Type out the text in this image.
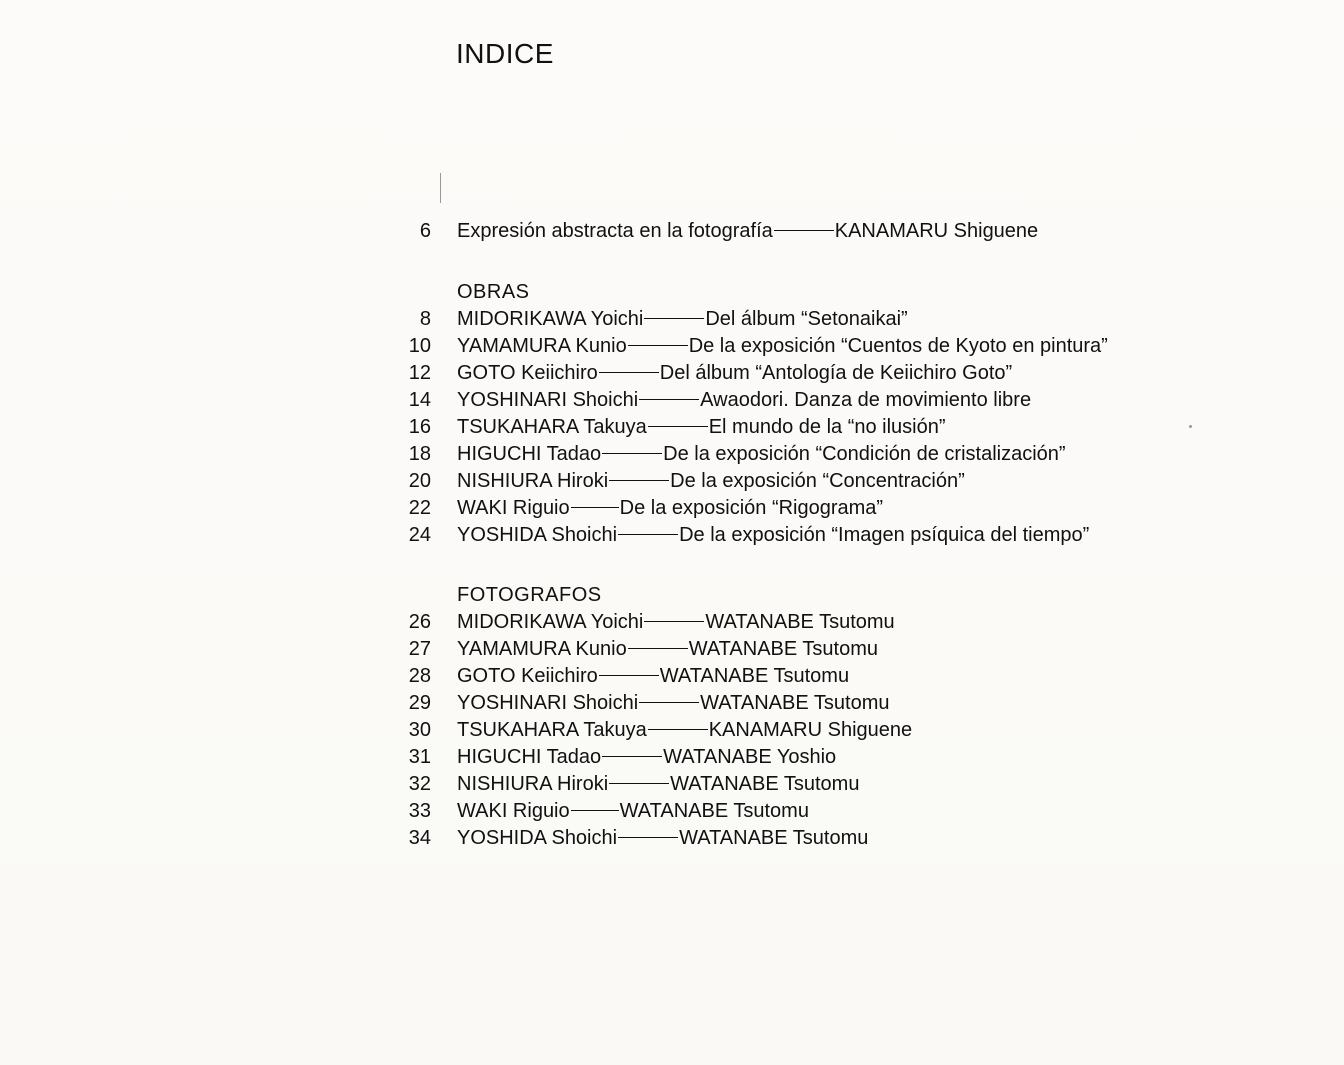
INDICE
6 Expresión abstracta en la fotografía	KANAMARU Shiguene
OBRAS
8 MIDORIKAWA Yoichi	Del álbum “Setonaikai”
10 YAMAMURA Kunio	De la exposición “Cuentos de Kyoto en pintura”
12 GOTO Keiichiro	Del álbum “Antología de Keiichiro Goto”
14 YOSHINARI Shoichi	Awaodori. Danza de movimiento libre
16 TSUKAHARA Takuya	El mundo de la “no ilusión”
18 HIGUCHI Tadao	De la exposición “Condición de cristalización”
20 NISHIURA Hiroki	De la exposición “Concentración”
22 WAKI Riguio	De la exposición “Rigograma”
24 YOSHIDA Shoichi	De la exposición “Imagen psíquica del tiempo”
FOTOGRAFOS
26 MIDORIKAWA Yoichi	WATANABE Tsutomu
27 YAMAMURA Kunio	WATANABE Tsutomu
28 GOTO Keiichiro	WATANABE Tsutomu
29 YOSHINARI Shoichi	WATANABE Tsutomu
30 TSUKAHARA Takuya	KANAMARU Shiguene
31 HIGUCHI Tadao	WATANABE Yoshio
32 NISHIURA Hiroki	WATANABE Tsutomu
33 WAKI Riguio	WATANABE Tsutomu
34 YOSHIDA Shoichi	WATANABE Tsutomu
